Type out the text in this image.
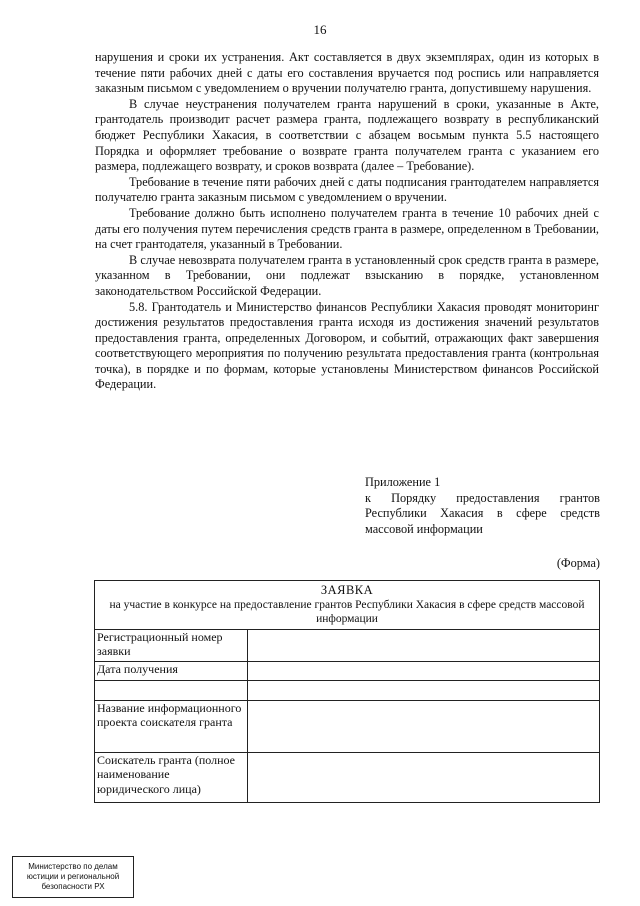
16

нарушения и сроки их устранения. Акт составляется в двух экземплярах, один из которых в течение пяти рабочих дней с даты его составления вручается под роспись или направляется заказным письмом с уведомлением о вручении получателю гранта, допустившему нарушения.

В случае неустранения получателем гранта нарушений в сроки, указанные в Акте, грантодатель производит расчет размера гранта, подлежащего возврату в республиканский бюджет Республики Хакасия, в соответствии с абзацем восьмым пункта 5.5 настоящего Порядка и оформляет требование о возврате гранта получателем гранта с указанием его размера, подлежащего возврату, и сроков возврата (далее – Требование).

Требование в течение пяти рабочих дней с даты подписания грантодателем направляется получателю гранта заказным письмом с уведомлением о вручении.

Требование должно быть исполнено получателем гранта в течение 10 рабочих дней с даты его получения путем перечисления средств гранта в размере, определенном в Требовании, на счет грантодателя, указанный в Требовании.

В случае невозврата получателем гранта в установленный срок средств гранта в размере, указанном в Требовании, они подлежат взысканию в порядке, установленном законодательством Российской Федерации.

5.8. Грантодатель и Министерство финансов Республики Хакасия проводят мониторинг достижения результатов предоставления гранта исходя из достижения значений результатов предоставления гранта, определенных Договором, и событий, отражающих факт завершения соответствующего мероприятия по получению результата предоставления гранта (контрольная точка), в порядке и по формам, которые установлены Министерством финансов Российской Федерации.

Приложение 1

к Порядку предоставления грантов Республики Хакасия в сфере средств массовой информации

(Форма)
ЗАЯВКА
на участие в конкурсе на предоставление грантов Республики Хакасия в сфере средств массовой информации	

Регистрационный номер заявки	
Дата получения	

Название информационного проекта соискателя гранта	
Соискатель гранта (полное наименование юридического лица)	
Министерство по делам
юстиции и региональной
безопасности РХ
